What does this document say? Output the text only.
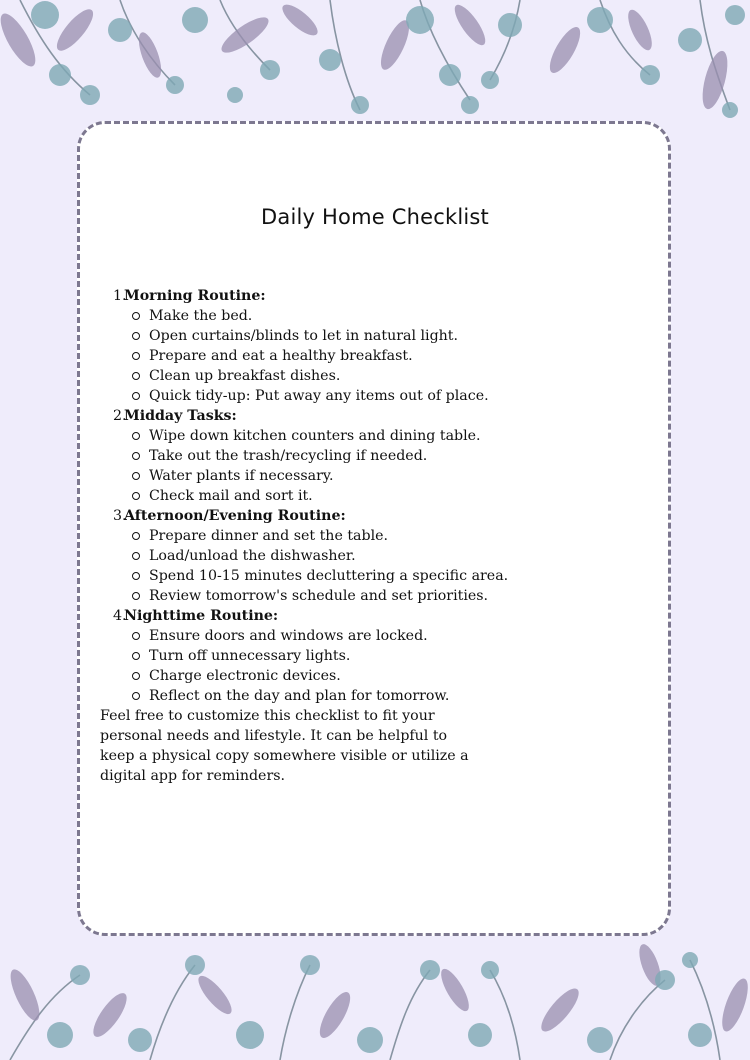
Daily Home Checklist
1 . Morning Routine:
Make the bed.
Open curtains/blinds to let in natural light.
Prepare and eat a healthy breakfast.
Clean up breakfast dishes.
Quick tidy-up: Put away any items out of place.
2 . Midday Tasks:
Wipe down kitchen counters and dining table.
Take out the trash/recycling if needed.
Water plants if necessary.
Check mail and sort it.
3 . Afternoon/Evening Routine:
Prepare dinner and set the table.
Load/unload the dishwasher.
Spend 10-15 minutes decluttering a specific area.
Review tomorrow's schedule and set priorities.
4 . Nighttime Routine:
Ensure doors and windows are locked.
Turn off unnecessary lights.
Charge electronic devices.
Reflect on the day and plan for tomorrow.

Feel free to customize this checklist to fit your personal needs and lifestyle. It can be helpful to keep a physical copy somewhere visible or utilize a digital app for reminders.
